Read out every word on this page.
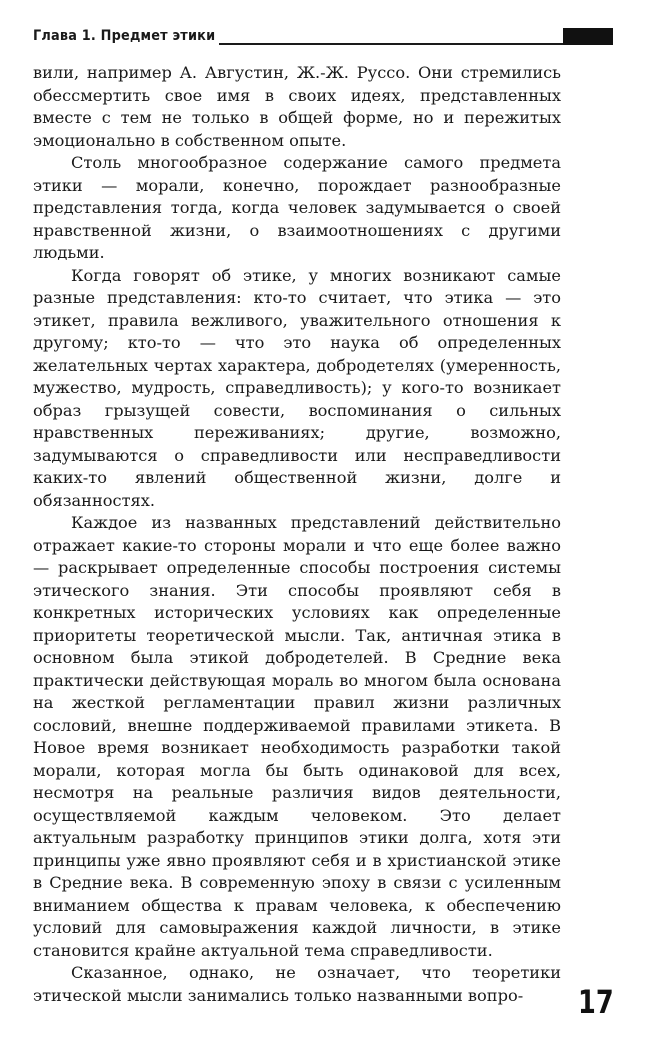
Глава 1. Предмет этики

вили, например А. Августин, Ж.-Ж. Руссо. Они стремились обессмертить свое имя в своих идеях, представленных вместе с тем не только в общей форме, но и пережитых эмоционально в собственном опыте.

Столь многообразное содержание самого предмета этики — морали, конечно, порождает разнообразные представления тогда, когда человек задумывается о своей нравственной жизни, о взаимоотношениях с другими людьми.

Когда говорят об этике, у многих возникают самые разные представления: кто-то считает, что этика — это этикет, правила вежливого, уважительного отношения к другому; кто-то — что это наука об определенных желательных чертах характера, добродетелях (умеренность, мужество, мудрость, справедливость); у кого-то возникает образ грызущей совести, воспоминания о сильных нравственных переживаниях; другие, возможно, задумываются о справедливости или несправедливости каких-то явлений общественной жизни, долге и обязанностях.

Каждое из названных представлений действительно отражает какие-то стороны морали и что еще более важно — раскрывает определенные способы построения системы этического знания. Эти способы проявляют себя в конкретных исторических условиях как определенные приоритеты теоретической мысли. Так, античная этика в основном была этикой добродетелей. В Средние века практически действующая мораль во многом была основана на жесткой регламентации правил жизни различных сословий, внешне поддерживаемой правилами этикета. В Новое время возникает необходимость разработки такой морали, которая могла бы быть одинаковой для всех, несмотря на реальные различия видов деятельности, осуществляемой каждым человеком. Это делает актуальным разработку принципов этики долга, хотя эти принципы уже явно проявляют себя и в христианской этике в Средние века. В современную эпоху в связи с усиленным вниманием общества к правам человека, к обеспечению условий для самовыражения каждой личности, в этике становится крайне актуальной тема справедливости.

Сказанное, однако, не означает, что теоретики этической мысли занимались только названными вопро-	17
